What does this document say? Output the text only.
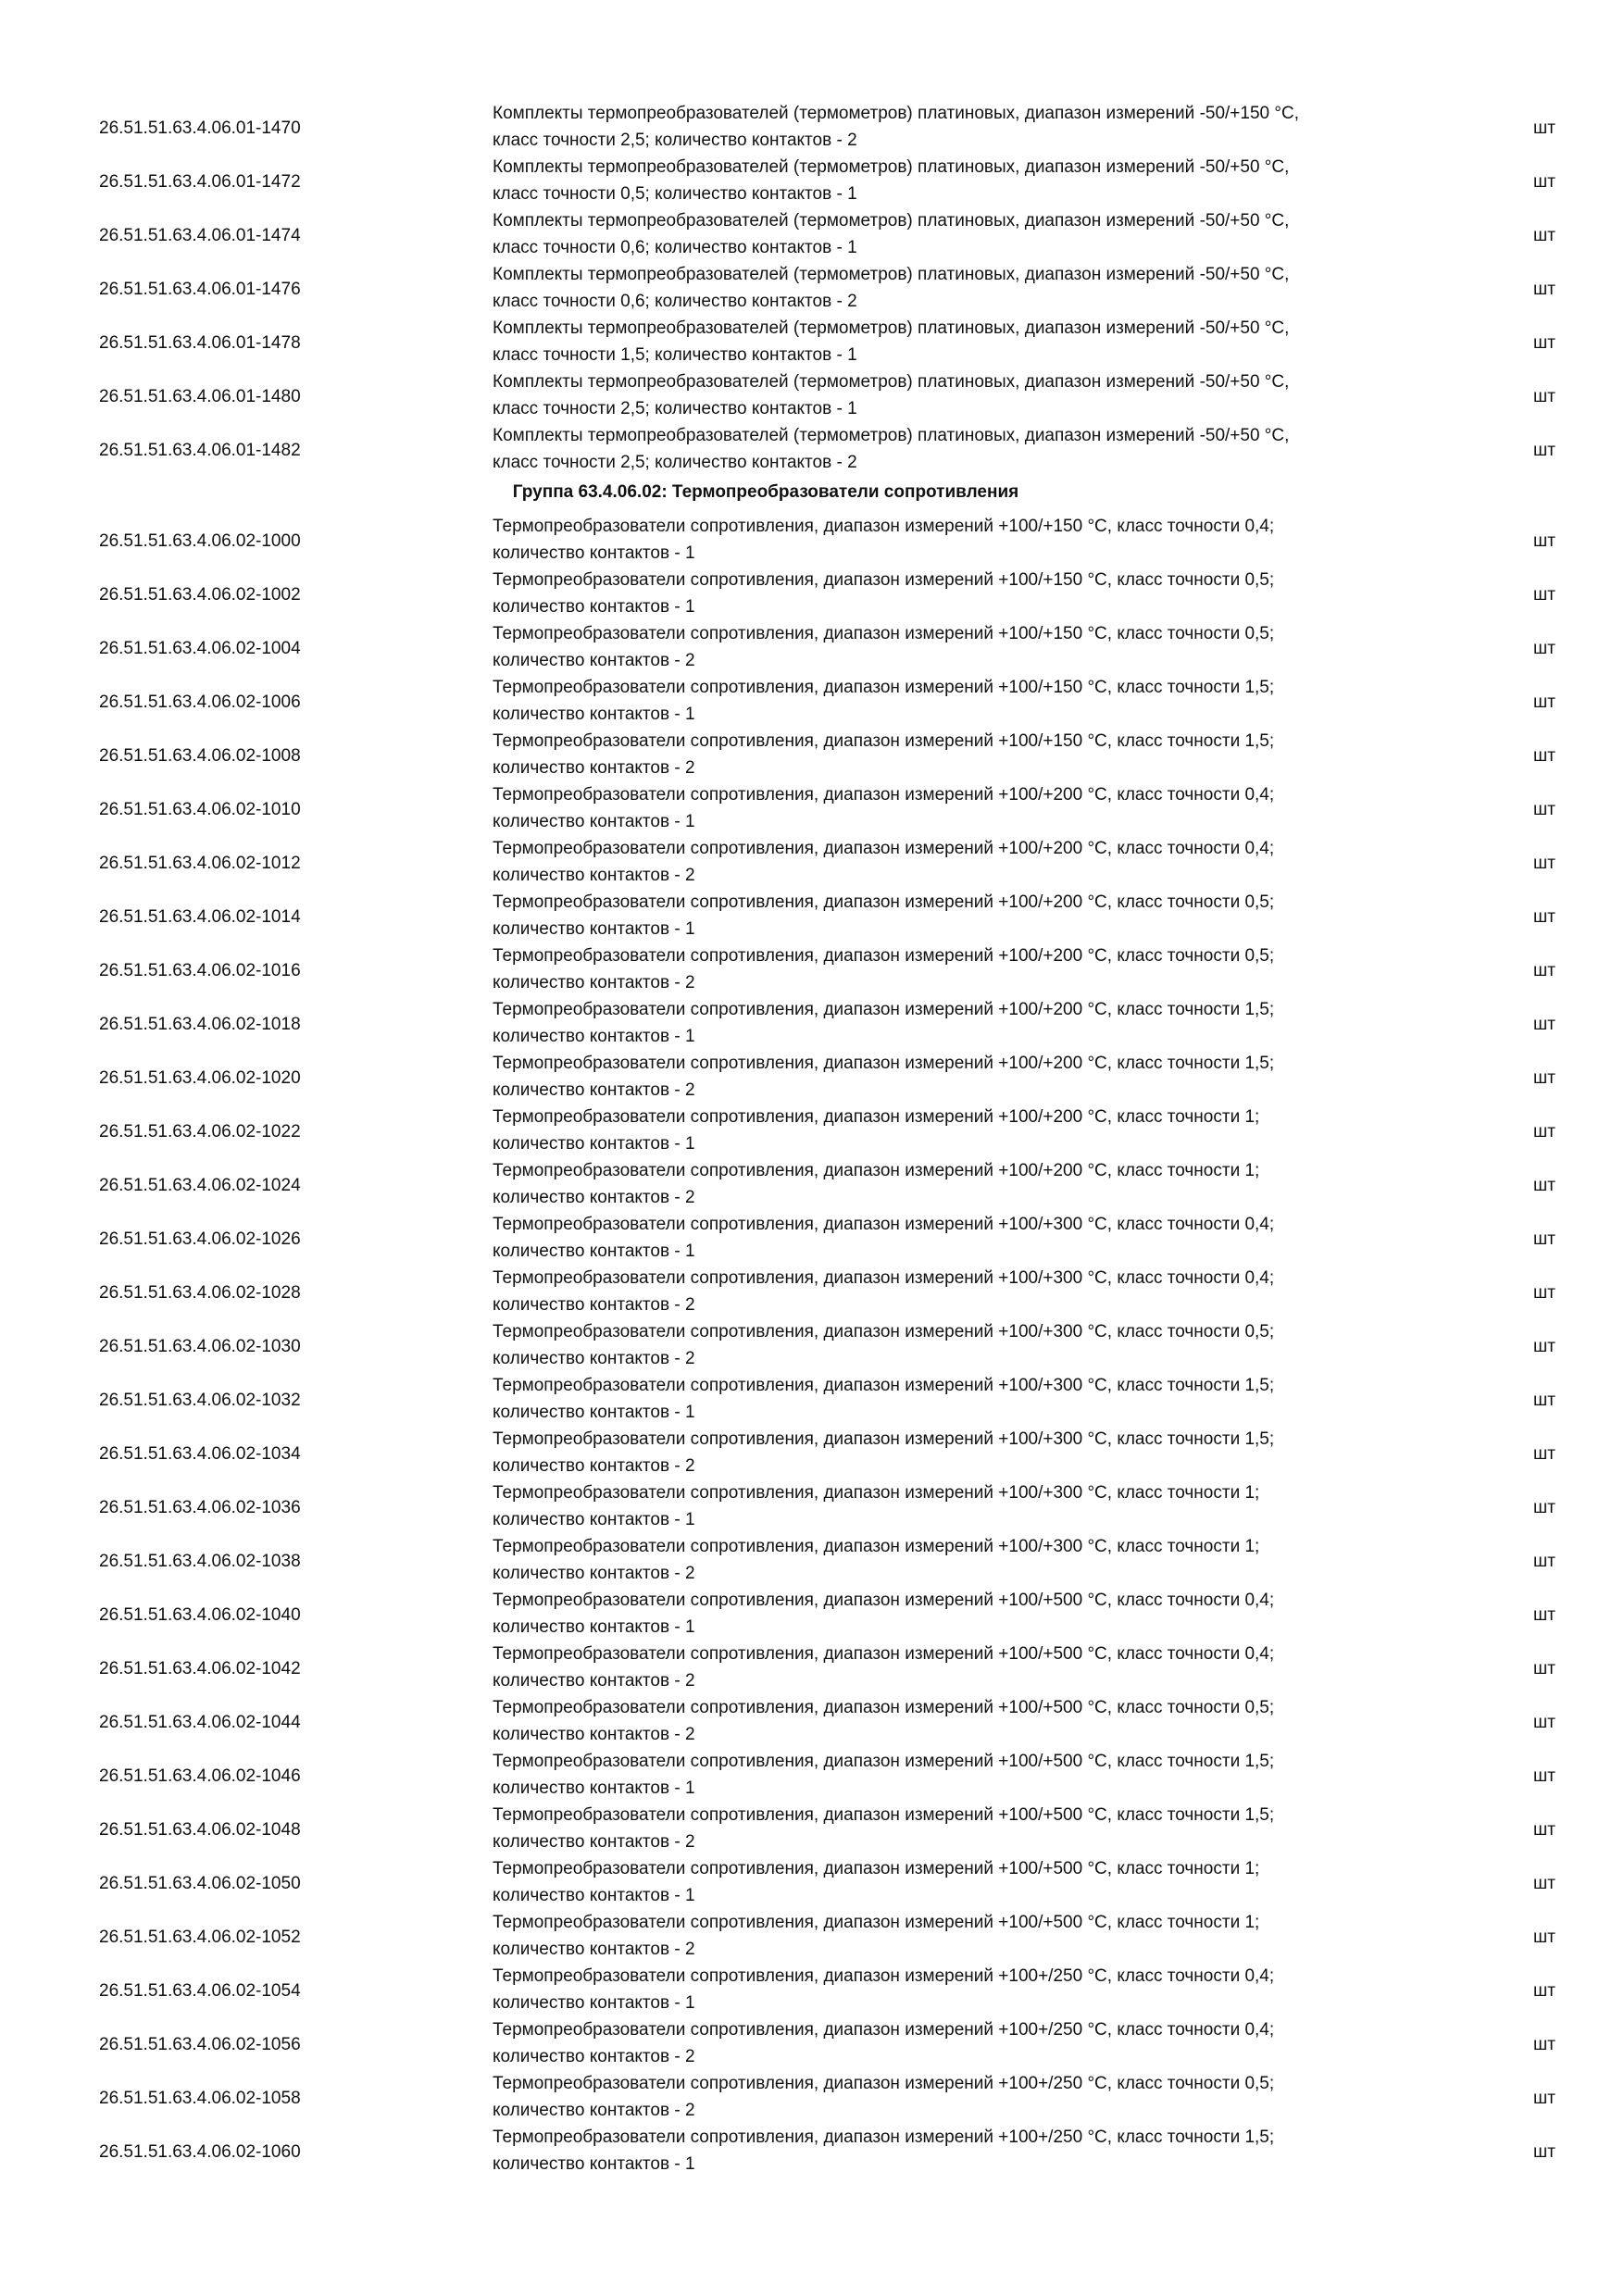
26.51.51.63.4.06.01-1470
Комплекты термопреобразователей (термометров) платиновых, диапазон измерений -50/+150 °C,
класс точности 2,5; количество контактов - 2
шт
26.51.51.63.4.06.01-1472
Комплекты термопреобразователей (термометров) платиновых, диапазон измерений -50/+50 °C,
класс точности 0,5; количество контактов - 1
шт
26.51.51.63.4.06.01-1474
Комплекты термопреобразователей (термометров) платиновых, диапазон измерений -50/+50 °C,
класс точности 0,6; количество контактов - 1
шт
26.51.51.63.4.06.01-1476
Комплекты термопреобразователей (термометров) платиновых, диапазон измерений -50/+50 °C,
класс точности 0,6; количество контактов - 2
шт
26.51.51.63.4.06.01-1478
Комплекты термопреобразователей (термометров) платиновых, диапазон измерений -50/+50 °C,
класс точности 1,5; количество контактов - 1
шт
26.51.51.63.4.06.01-1480
Комплекты термопреобразователей (термометров) платиновых, диапазон измерений -50/+50 °C,
класс точности 2,5; количество контактов - 1
шт
26.51.51.63.4.06.01-1482
Комплекты термопреобразователей (термометров) платиновых, диапазон измерений -50/+50 °C,
класс точности 2,5; количество контактов - 2
шт
Группа 63.4.06.02: Термопреобразователи сопротивления
26.51.51.63.4.06.02-1000
Термопреобразователи сопротивления, диапазон измерений +100/+150 °C, класс точности 0,4;
количество контактов - 1
шт
26.51.51.63.4.06.02-1002
Термопреобразователи сопротивления, диапазон измерений +100/+150 °C, класс точности 0,5;
количество контактов - 1
шт
26.51.51.63.4.06.02-1004
Термопреобразователи сопротивления, диапазон измерений +100/+150 °C, класс точности 0,5;
количество контактов - 2
шт
26.51.51.63.4.06.02-1006
Термопреобразователи сопротивления, диапазон измерений +100/+150 °C, класс точности 1,5;
количество контактов - 1
шт
26.51.51.63.4.06.02-1008
Термопреобразователи сопротивления, диапазон измерений +100/+150 °C, класс точности 1,5;
количество контактов - 2
шт
26.51.51.63.4.06.02-1010
Термопреобразователи сопротивления, диапазон измерений +100/+200 °C, класс точности 0,4;
количество контактов - 1
шт
26.51.51.63.4.06.02-1012
Термопреобразователи сопротивления, диапазон измерений +100/+200 °C, класс точности 0,4;
количество контактов - 2
шт
26.51.51.63.4.06.02-1014
Термопреобразователи сопротивления, диапазон измерений +100/+200 °C, класс точности 0,5;
количество контактов - 1
шт
26.51.51.63.4.06.02-1016
Термопреобразователи сопротивления, диапазон измерений +100/+200 °C, класс точности 0,5;
количество контактов - 2
шт
26.51.51.63.4.06.02-1018
Термопреобразователи сопротивления, диапазон измерений +100/+200 °C, класс точности 1,5;
количество контактов - 1
шт
26.51.51.63.4.06.02-1020
Термопреобразователи сопротивления, диапазон измерений +100/+200 °C, класс точности 1,5;
количество контактов - 2
шт
26.51.51.63.4.06.02-1022
Термопреобразователи сопротивления, диапазон измерений +100/+200 °C, класс точности 1;
количество контактов - 1
шт
26.51.51.63.4.06.02-1024
Термопреобразователи сопротивления, диапазон измерений +100/+200 °C, класс точности 1;
количество контактов - 2
шт
26.51.51.63.4.06.02-1026
Термопреобразователи сопротивления, диапазон измерений +100/+300 °C, класс точности 0,4;
количество контактов - 1
шт
26.51.51.63.4.06.02-1028
Термопреобразователи сопротивления, диапазон измерений +100/+300 °C, класс точности 0,4;
количество контактов - 2
шт
26.51.51.63.4.06.02-1030
Термопреобразователи сопротивления, диапазон измерений +100/+300 °C, класс точности 0,5;
количество контактов - 2
шт
26.51.51.63.4.06.02-1032
Термопреобразователи сопротивления, диапазон измерений +100/+300 °C, класс точности 1,5;
количество контактов - 1
шт
26.51.51.63.4.06.02-1034
Термопреобразователи сопротивления, диапазон измерений +100/+300 °C, класс точности 1,5;
количество контактов - 2
шт
26.51.51.63.4.06.02-1036
Термопреобразователи сопротивления, диапазон измерений +100/+300 °C, класс точности 1;
количество контактов - 1
шт
26.51.51.63.4.06.02-1038
Термопреобразователи сопротивления, диапазон измерений +100/+300 °C, класс точности 1;
количество контактов - 2
шт
26.51.51.63.4.06.02-1040
Термопреобразователи сопротивления, диапазон измерений +100/+500 °C, класс точности 0,4;
количество контактов - 1
шт
26.51.51.63.4.06.02-1042
Термопреобразователи сопротивления, диапазон измерений +100/+500 °C, класс точности 0,4;
количество контактов - 2
шт
26.51.51.63.4.06.02-1044
Термопреобразователи сопротивления, диапазон измерений +100/+500 °C, класс точности 0,5;
количество контактов - 2
шт
26.51.51.63.4.06.02-1046
Термопреобразователи сопротивления, диапазон измерений +100/+500 °C, класс точности 1,5;
количество контактов - 1
шт
26.51.51.63.4.06.02-1048
Термопреобразователи сопротивления, диапазон измерений +100/+500 °C, класс точности 1,5;
количество контактов - 2
шт
26.51.51.63.4.06.02-1050
Термопреобразователи сопротивления, диапазон измерений +100/+500 °C, класс точности 1;
количество контактов - 1
шт
26.51.51.63.4.06.02-1052
Термопреобразователи сопротивления, диапазон измерений +100/+500 °C, класс точности 1;
количество контактов - 2
шт
26.51.51.63.4.06.02-1054
Термопреобразователи сопротивления, диапазон измерений +100+/250 °C, класс точности 0,4;
количество контактов - 1
шт
26.51.51.63.4.06.02-1056
Термопреобразователи сопротивления, диапазон измерений +100+/250 °C, класс точности 0,4;
количество контактов - 2
шт
26.51.51.63.4.06.02-1058
Термопреобразователи сопротивления, диапазон измерений +100+/250 °C, класс точности 0,5;
количество контактов - 2
шт
26.51.51.63.4.06.02-1060
Термопреобразователи сопротивления, диапазон измерений +100+/250 °C, класс точности 1,5;
количество контактов - 1
шт
